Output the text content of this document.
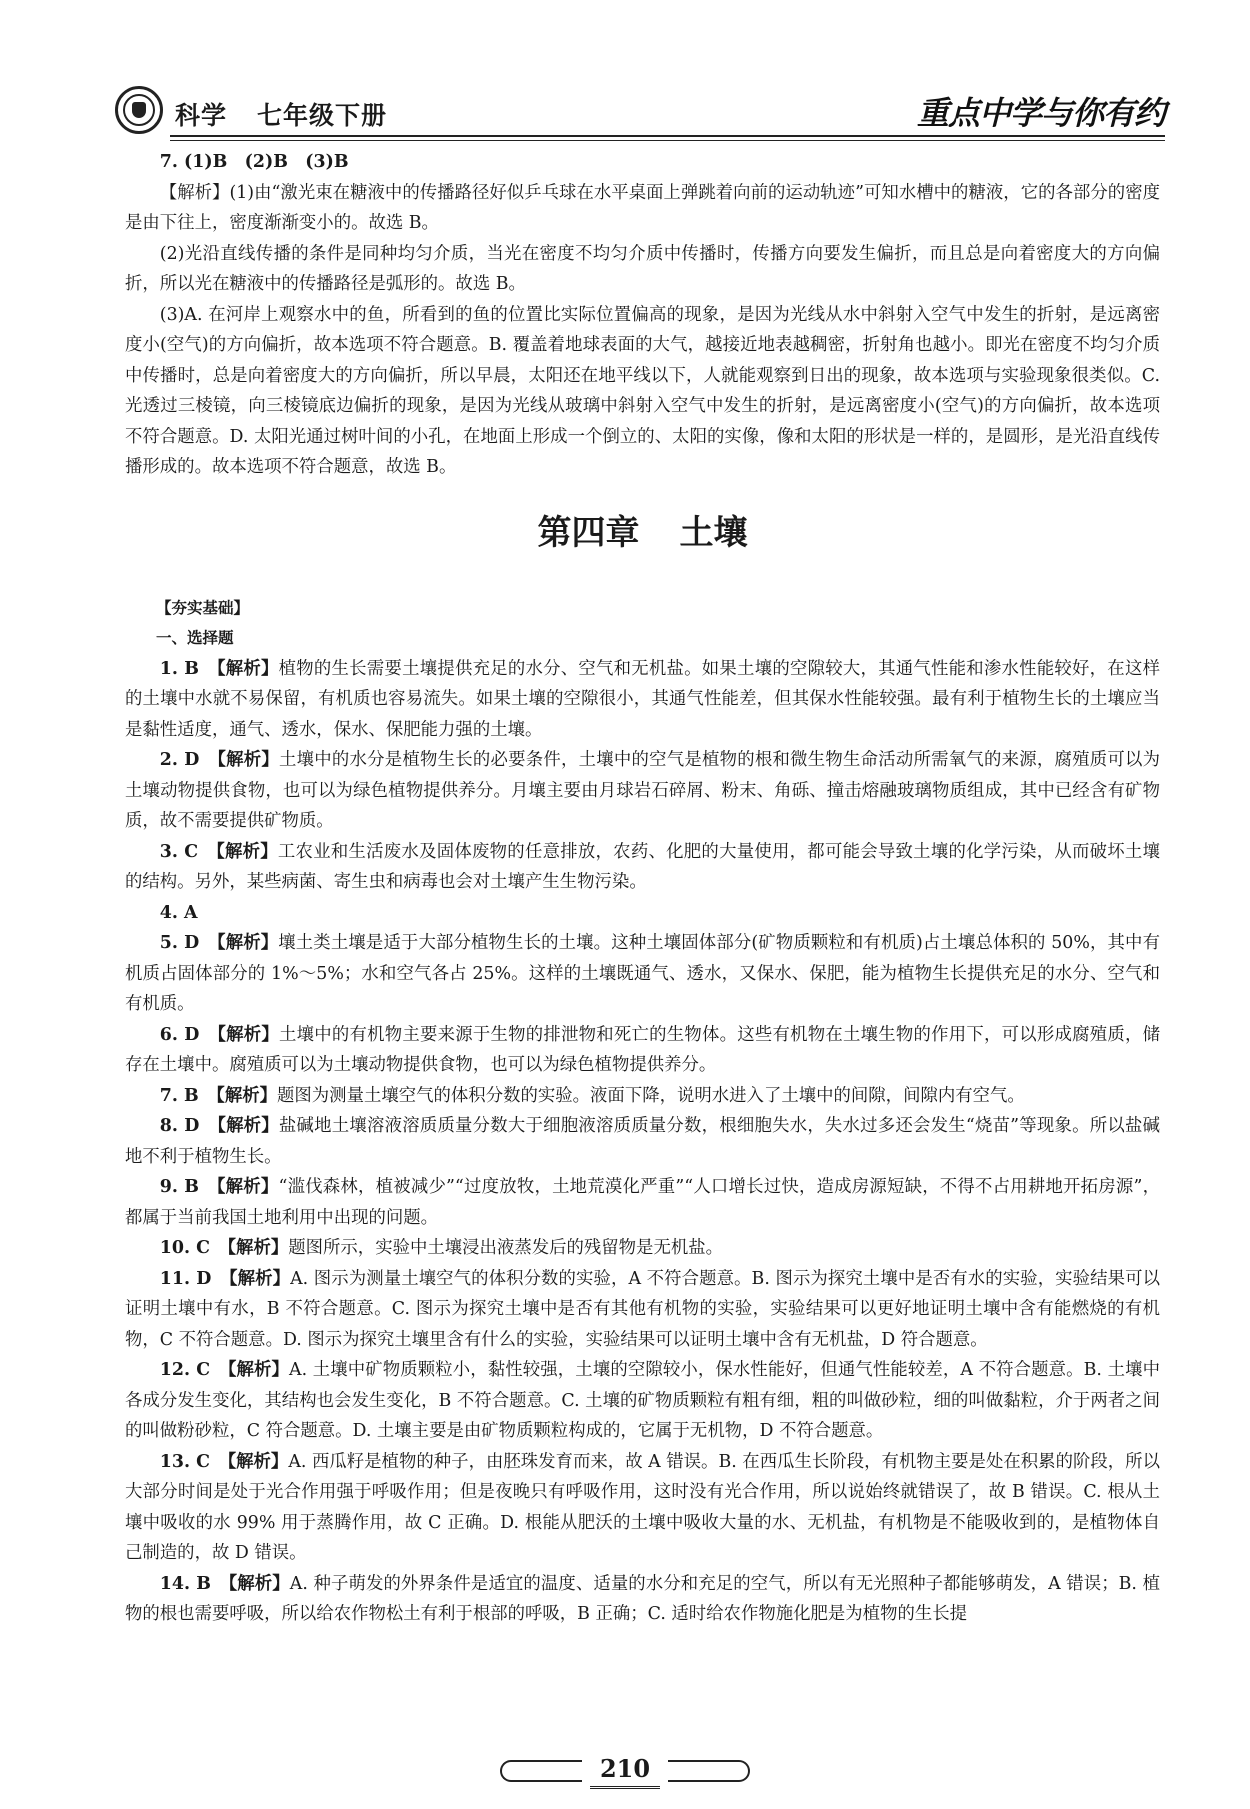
科学 七年级下册	重点中学与你有约

7. (1)B　(2)B　(3)B

【解析】(1)由“激光束在糖液中的传播路径好似乒乓球在水平桌面上弹跳着向前的运动轨迹”可知水槽中的糖液，它的各部分的密度是由下往上，密度渐渐变小的。故选 B。

(2)光沿直线传播的条件是同种均匀介质，当光在密度不均匀介质中传播时，传播方向要发生偏折，而且总是向着密度大的方向偏折，所以光在糖液中的传播路径是弧形的。故选 B。

(3)A. 在河岸上观察水中的鱼，所看到的鱼的位置比实际位置偏高的现象，是因为光线从水中斜射入空气中发生的折射，是远离密度小(空气)的方向偏折，故本选项不符合题意。B. 覆盖着地球表面的大气，越接近地表越稠密，折射角也越小。即光在密度不均匀介质中传播时，总是向着密度大的方向偏折，所以早晨，太阳还在地平线以下，人就能观察到日出的现象，故本选项与实验现象很类似。C. 光透过三棱镜，向三棱镜底边偏折的现象，是因为光线从玻璃中斜射入空气中发生的折射，是远离密度小(空气)的方向偏折，故本选项不符合题意。D. 太阳光通过树叶间的小孔，在地面上形成一个倒立的、太阳的实像，像和太阳的形状是一样的，是圆形，是光沿直线传播形成的。故本选项不符合题意，故选 B。

第四章 土壤

【夯实基础】

一、选择题

1. B　 【解析】植物的生长需要土壤提供充足的水分、空气和无机盐。如果土壤的空隙较大，其通气性能和渗水性能较好，在这样的土壤中水就不易保留，有机质也容易流失。如果土壤的空隙很小，其通气性能差，但其保水性能较强。最有利于植物生长的土壤应当是黏性适度，通气、透水，保水、保肥能力强的土壤。

2. D　 【解析】土壤中的水分是植物生长的必要条件，土壤中的空气是植物的根和微生物生命活动所需氧气的来源，腐殖质可以为土壤动物提供食物，也可以为绿色植物提供养分。月壤主要由月球岩石碎屑、粉末、角砾、撞击熔融玻璃物质组成，其中已经含有矿物质，故不需要提供矿物质。

3. C　 【解析】工农业和生活废水及固体废物的任意排放，农药、化肥的大量使用，都可能会导致土壤的化学污染，从而破坏土壤的结构。另外，某些病菌、寄生虫和病毒也会对土壤产生生物污染。

4. A

5. D　 【解析】壤土类土壤是适于大部分植物生长的土壤。这种土壤固体部分(矿物质颗粒和有机质)占土壤总体积的 50%，其中有机质占固体部分的 1%～5%；水和空气各占 25%。这样的土壤既通气、透水，又保水、保肥，能为植物生长提供充足的水分、空气和有机质。

6. D　 【解析】土壤中的有机物主要来源于生物的排泄物和死亡的生物体。这些有机物在土壤生物的作用下，可以形成腐殖质，储存在土壤中。腐殖质可以为土壤动物提供食物，也可以为绿色植物提供养分。

7. B　 【解析】题图为测量土壤空气的体积分数的实验。液面下降，说明水进入了土壤中的间隙，间隙内有空气。

8. D　 【解析】盐碱地土壤溶液溶质质量分数大于细胞液溶质质量分数，根细胞失水，失水过多还会发生“烧苗”等现象。所以盐碱地不利于植物生长。

9. B　 【解析】“滥伐森林，植被减少”“过度放牧，土地荒漠化严重”“人口增长过快，造成房源短缺，不得不占用耕地开拓房源”，都属于当前我国土地利用中出现的问题。

10. C　 【解析】题图所示，实验中土壤浸出液蒸发后的残留物是无机盐。

11. D　 【解析】A. 图示为测量土壤空气的体积分数的实验，A 不符合题意。B. 图示为探究土壤中是否有水的实验，实验结果可以证明土壤中有水，B 不符合题意。C. 图示为探究土壤中是否有其他有机物的实验，实验结果可以更好地证明土壤中含有能燃烧的有机物，C 不符合题意。D. 图示为探究土壤里含有什么的实验，实验结果可以证明土壤中含有无机盐，D 符合题意。

12. C　 【解析】A. 土壤中矿物质颗粒小，黏性较强，土壤的空隙较小，保水性能好，但通气性能较差，A 不符合题意。B. 土壤中各成分发生变化，其结构也会发生变化，B 不符合题意。C. 土壤的矿物质颗粒有粗有细，粗的叫做砂粒，细的叫做黏粒，介于两者之间的叫做粉砂粒，C 符合题意。D. 土壤主要是由矿物质颗粒构成的，它属于无机物，D 不符合题意。

13. C　 【解析】A. 西瓜籽是植物的种子，由胚珠发育而来，故 A 错误。B. 在西瓜生长阶段，有机物主要是处在积累的阶段，所以大部分时间是处于光合作用强于呼吸作用；但是夜晚只有呼吸作用，这时没有光合作用，所以说始终就错误了，故 B 错误。C. 根从土壤中吸收的水 99% 用于蒸腾作用，故 C 正确。D. 根能从肥沃的土壤中吸收大量的水、无机盐，有机物是不能吸收到的，是植物体自己制造的，故 D 错误。

14. B　 【解析】A. 种子萌发的外界条件是适宜的温度、适量的水分和充足的空气，所以有无光照种子都能够萌发，A 错误；B. 植物的根也需要呼吸，所以给农作物松土有利于根部的呼吸，B 正确；C. 适时给农作物施化肥是为植物的生长提

210
